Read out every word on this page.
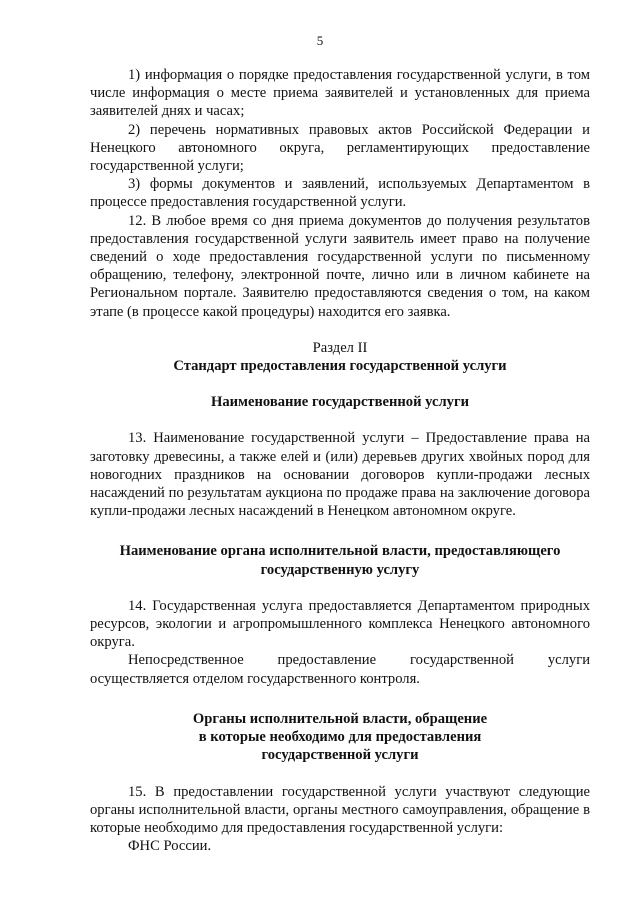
5

1) информация о порядке предоставления государственной услуги, в том числе информация о месте приема заявителей и установленных для приема заявителей днях и часах;

2) перечень нормативных правовых актов Российской Федерации и Ненецкого автономного округа, регламентирующих предоставление государственной услуги;

3) формы документов и заявлений, используемых Департаментом в процессе предоставления государственной услуги.

12. В любое время со дня приема документов до получения результатов предоставления государственной услуги заявитель имеет право на получение сведений о ходе предоставления государственной услуги по письменному обращению, телефону, электронной почте, лично или в личном кабинете на Региональном портале. Заявителю предоставляются сведения о том, на каком этапе (в процессе какой процедуры) находится его заявка.

Раздел II

Стандарт предоставления государственной услуги

Наименование государственной услуги

13. Наименование государственной услуги – Предоставление права на заготовку древесины, а также елей и (или) деревьев других хвойных пород для новогодних праздников на основании договоров купли-продажи лесных насаждений по результатам аукциона по продаже права на заключение договора купли-продажи лесных насаждений в Ненецком автономном округе.

Наименование органа исполнительной власти, предоставляющего

государственную услугу

14. Государственная услуга предоставляется Департаментом природных ресурсов, экологии и агропромышленного комплекса Ненецкого автономного округа.

Непосредственное предоставление государственной услуги осуществляется отделом государственного контроля.

Органы исполнительной власти, обращение

в которые необходимо для предоставления

государственной услуги

15. В предоставлении государственной услуги участвуют следующие органы исполнительной власти, органы местного самоуправления, обращение в которые необходимо для предоставления государственной услуги:

ФНС России.
